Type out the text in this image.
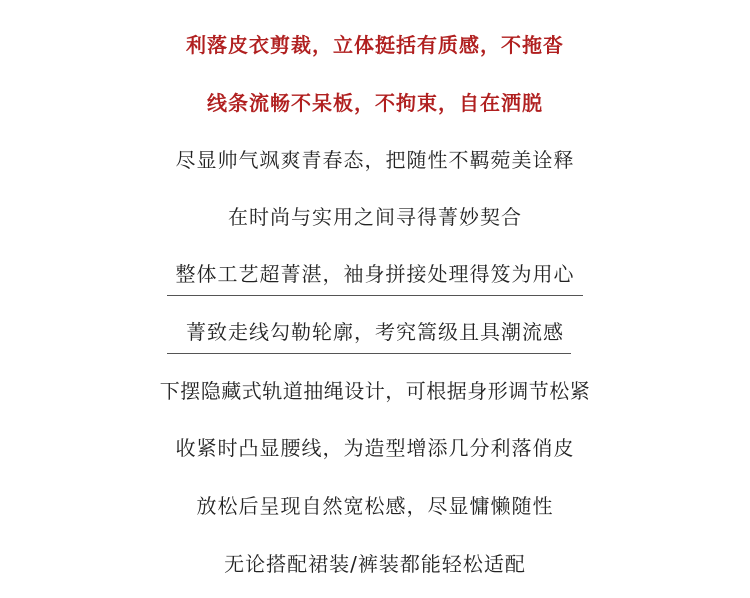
利落皮衣剪裁，立体挺括有质感，不拖沓
线条流畅不呆板，不拘束，自在洒脱
尽显帅气飒爽青春态，把随性不羁菀美诠释
在时尚与实用之间寻得菁妙契合
整体工艺超菁湛，袖身拼接处理得笈为用心
菁致走线勾勒轮廓，考究篙级且具潮流感
下摆隐藏式轨道抽绳设计，可根据身形调节松紧
收紧时凸显腰线，为造型增添几分利落俏皮
放松后呈现自然宽松感，尽显慵懒随性
无论搭配裙装/裤装都能轻松适配
